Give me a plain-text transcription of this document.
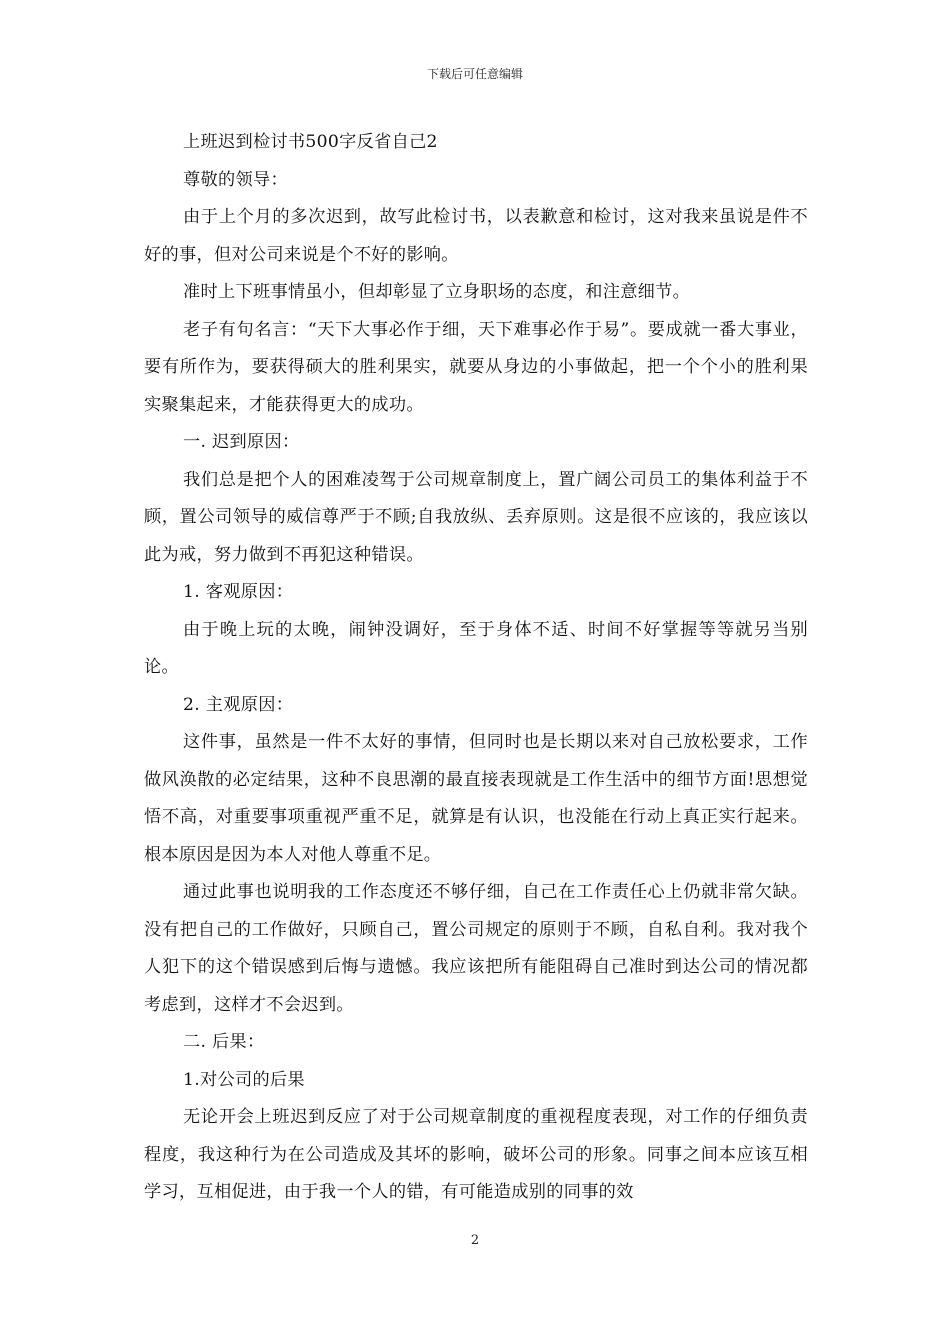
下载后可任意编辑

上班迟到检讨书500字反省自己2

尊敬的领导：

由于上个月的多次迟到，故写此检讨书，以表歉意和检讨，这对我来虽说是件不好的事，但对公司来说是个不好的影响。

准时上下班事情虽小，但却彰显了立身职场的态度，和注意细节。

老子有句名言：“天下大事必作于细，天下难事必作于易”。要成就一番大事业，要有所作为，要获得硕大的胜利果实，就要从身边的小事做起，把一个个小的胜利果实聚集起来，才能获得更大的成功。

一. 迟到原因：

我们总是把个人的困难凌驾于公司规章制度上，置广阔公司员工的集体利益于不顾，置公司领导的威信尊严于不顾;自我放纵、丢弃原则。这是很不应该的，我应该以此为戒，努力做到不再犯这种错误。

1. 客观原因：

由于晚上玩的太晚，闹钟没调好，至于身体不适、时间不好掌握等等就另当别论。

2. 主观原因：

这件事，虽然是一件不太好的事情，但同时也是长期以来对自己放松要求，工作做风涣散的必定结果，这种不良思潮的最直接表现就是工作生活中的细节方面!思想觉悟不高，对重要事项重视严重不足，就算是有认识，也没能在行动上真正实行起来。根本原因是因为本人对他人尊重不足。

通过此事也说明我的工作态度还不够仔细，自己在工作责任心上仍就非常欠缺。没有把自己的工作做好，只顾自己，置公司规定的原则于不顾，自私自利。我对我个人犯下的这个错误感到后悔与遗憾。我应该把所有能阻碍自己准时到达公司的情况都考虑到，这样才不会迟到。

二. 后果：

1.对公司的后果

无论开会上班迟到反应了对于公司规章制度的重视程度表现，对工作的仔细负责程度，我这种行为在公司造成及其坏的影响，破坏公司的形象。同事之间本应该互相学习，互相促进，由于我一个人的错，有可能造成别的同事的效

2
